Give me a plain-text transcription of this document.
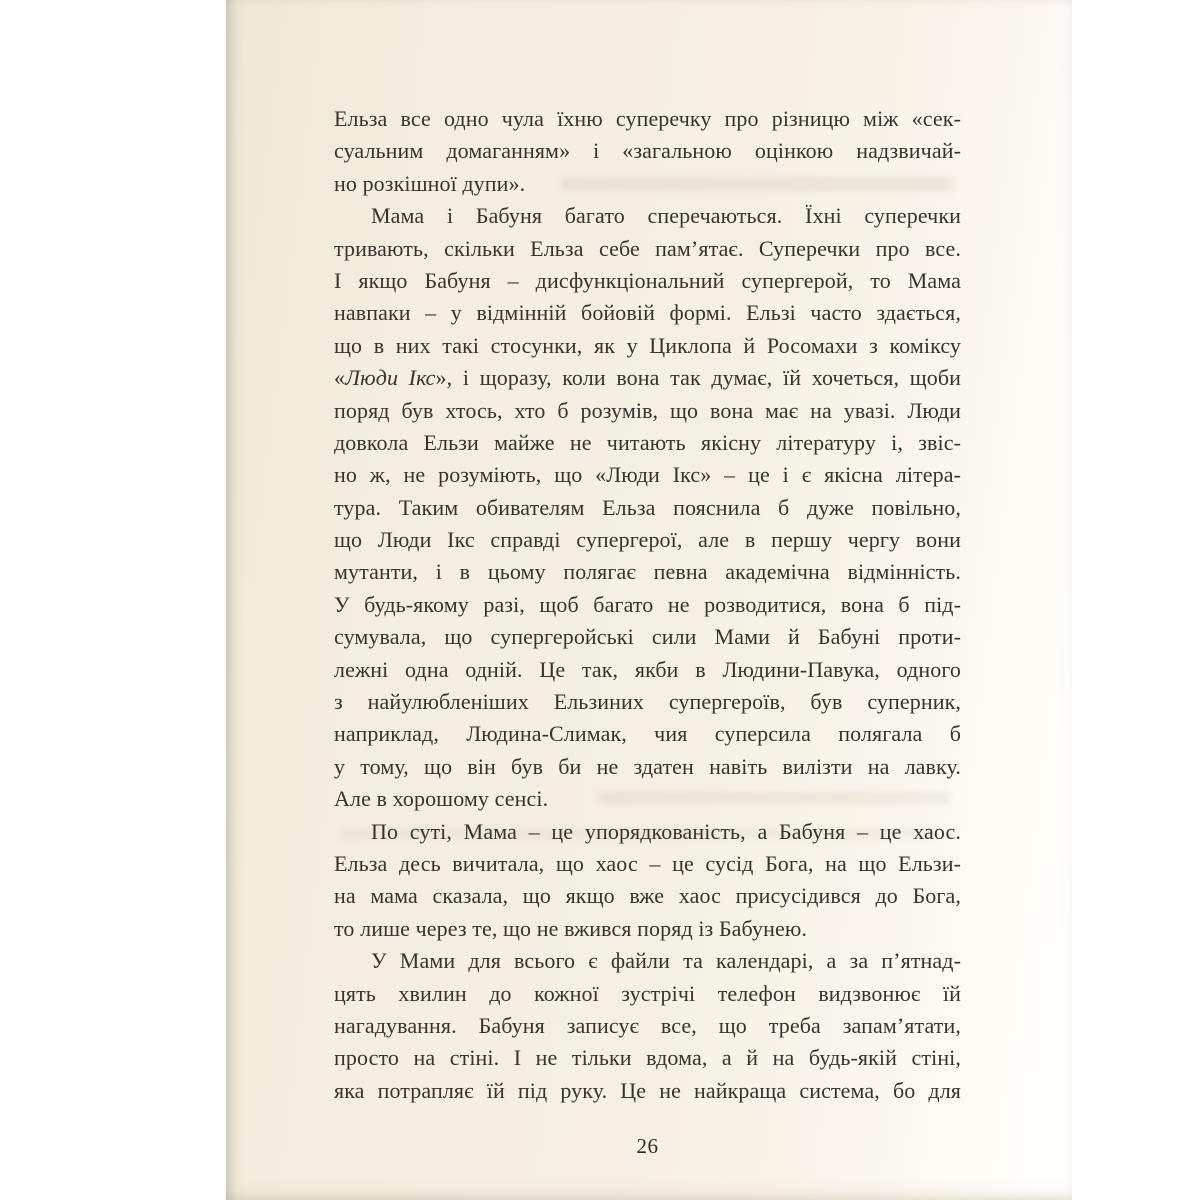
Ельза все одно чула їхню суперечку про різницю між «сек-
суальним домаганням» і «загальною оцінкою надзвичай-
но розкішної дупи».
Мама і Бабуня багато сперечаються. Їхні суперечки
тривають, скільки Ельза себе пам’ятає. Суперечки про все.
І якщо Бабуня – дисфункціональний супергерой, то Мама
навпаки – у відмінній бойовій формі. Ельзі часто здається,
що в них такі стосунки, як у Циклопа й Росомахи з коміксу
«Люди Ікс», і щоразу, коли вона так думає, їй хочеться, щоби
поряд був хтось, хто б розумів, що вона має на увазі. Люди
довкола Ельзи майже не читають якісну літературу і, звіс-
но ж, не розуміють, що «Люди Ікс» – це і є якісна літера-
тура. Таким обивателям Ельза пояснила б дуже повільно,
що Люди Ікс справді супергерої, але в першу чергу вони
мутанти, і в цьому полягає певна академічна відмінність.
У будь-якому разі, щоб багато не розводитися, вона б під-
сумувала, що супергеройські сили Мами й Бабуні проти-
лежні одна одній. Це так, якби в Людини-Павука, одного
з найулюбленіших Ельзиних супергероїв, був суперник,
наприклад, Людина-Слимак, чия суперсила полягала б
у тому, що він був би не здатен навіть вилізти на лавку.
Але в хорошому сенсі.
По суті, Мама – це упорядкованість, а Бабуня – це хаос.
Ельза десь вичитала, що хаос – це сусід Бога, на що Ельзи-
на мама сказала, що якщо вже хаос присусідився до Бога,
то лише через те, що не вжився поряд із Бабунею.
У Мами для всього є файли та календарі, а за п’ятнад-
цять хвилин до кожної зустрічі телефон видзвонює їй
нагадування. Бабуня записує все, що треба запам’ятати,
просто на стіні. І не тільки вдома, а й на будь-якій стіні,
яка потрапляє їй під руку. Це не найкраща система, бо для
26
